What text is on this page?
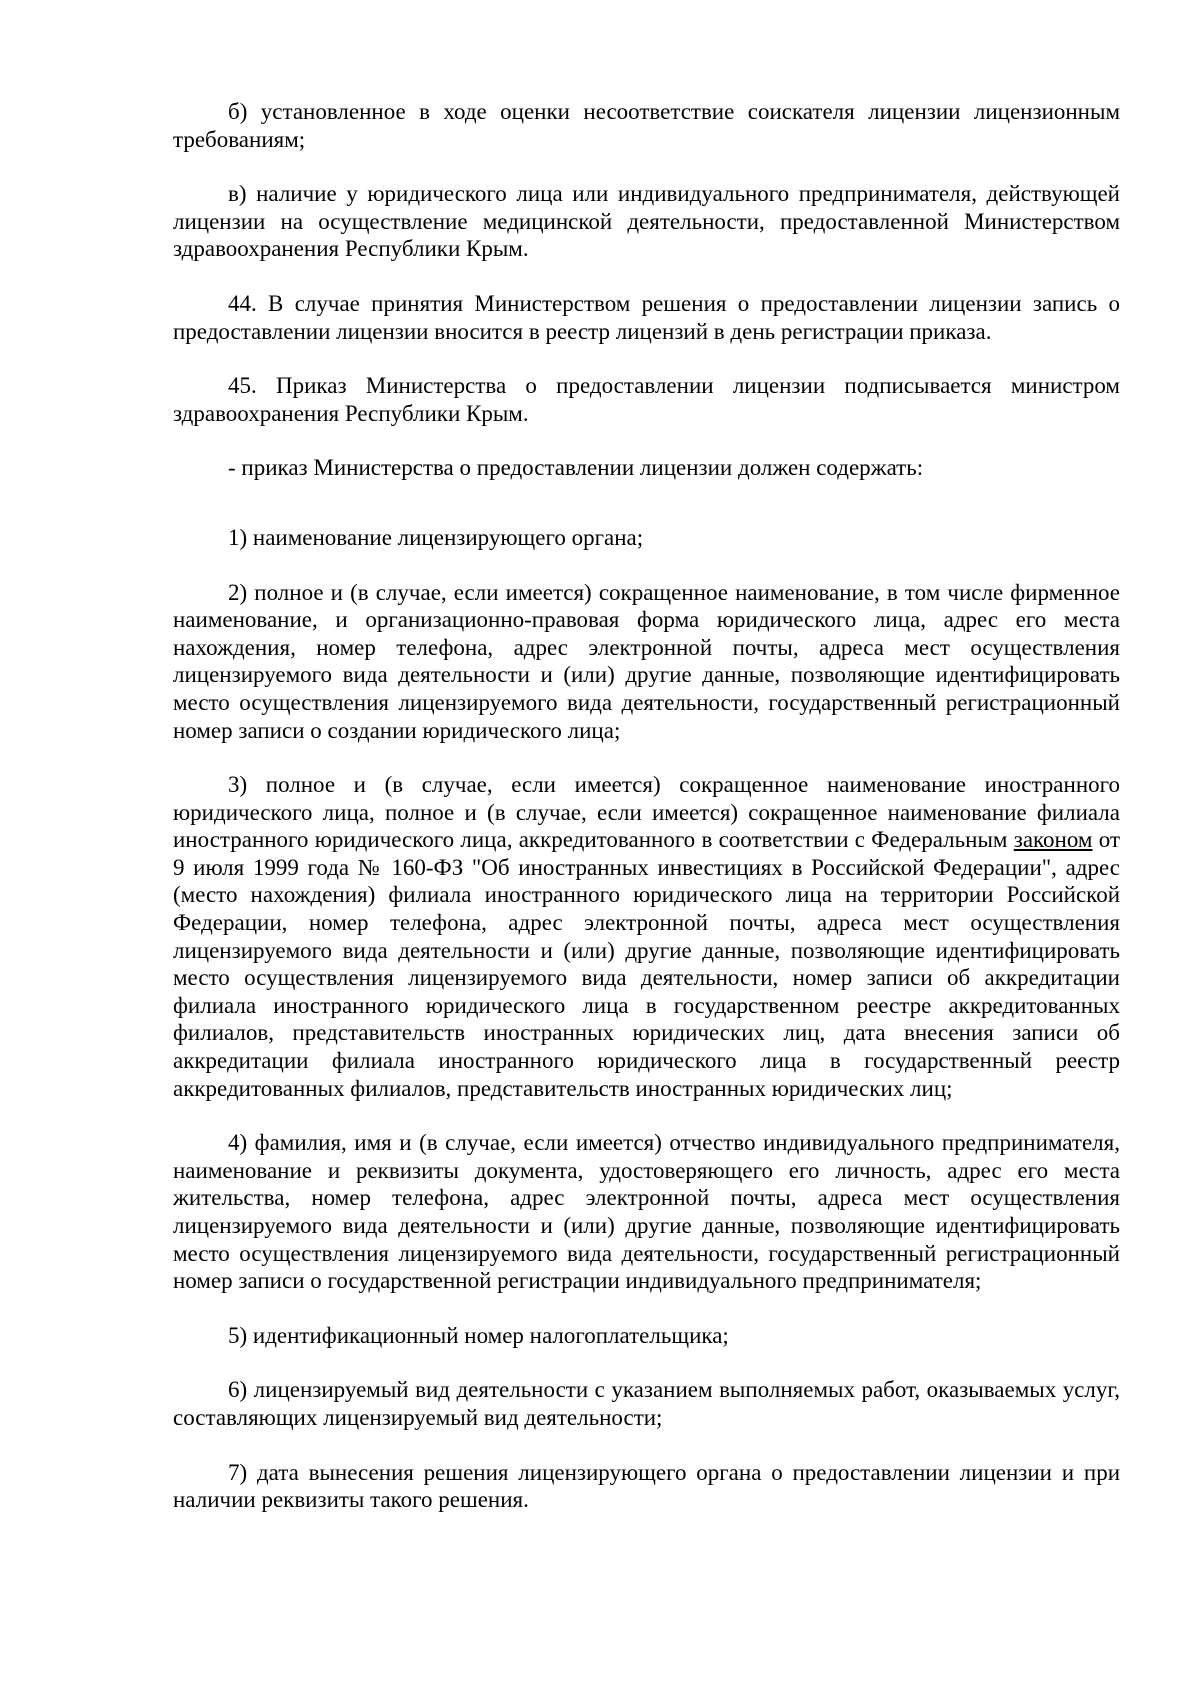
б) установленное в ходе оценки несоответствие соискателя лицензии лицензионным требованиям;

в) наличие у юридического лица или индивидуального предпринимателя, действующей лицензии на осуществление медицинской деятельности, предоставленной Министерством здравоохранения Республики Крым.

44. В случае принятия Министерством решения о предоставлении лицензии запись о предоставлении лицензии вносится в реестр лицензий в день регистрации приказа.

45. Приказ Министерства о предоставлении лицензии подписывается министром здравоохранения Республики Крым.

- приказ Министерства о предоставлении лицензии должен содержать:

1) наименование лицензирующего органа;

2) полное и (в случае, если имеется) сокращенное наименование, в том числе фирменное наименование, и организационно-правовая форма юридического лица, адрес его места нахождения, номер телефона, адрес электронной почты, адреса мест осуществления лицензируемого вида деятельности и (или) другие данные, позволяющие идентифицировать место осуществления лицензируемого вида деятельности, государственный регистрационный номер записи о создании юридического лица;

3) полное и (в случае, если имеется) сокращенное наименование иностранного юридического лица, полное и (в случае, если имеется) сокращенное наименование филиала иностранного юридического лица, аккредитованного в соответствии с Федеральным законом от 9 июля 1999 года № 160-ФЗ "Об иностранных инвестициях в Российской Федерации", адрес (место нахождения) филиала иностранного юридического лица на территории Российской Федерации, номер телефона, адрес электронной почты, адреса мест осуществления лицензируемого вида деятельности и (или) другие данные, позволяющие идентифицировать место осуществления лицензируемого вида деятельности, номер записи об аккредитации филиала иностранного юридического лица в государственном реестре аккредитованных филиалов, представительств иностранных юридических лиц, дата внесения записи об аккредитации филиала иностранного юридического лица в государственный реестр аккредитованных филиалов, представительств иностранных юридических лиц;

4) фамилия, имя и (в случае, если имеется) отчество индивидуального предпринимателя, наименование и реквизиты документа, удостоверяющего его личность, адрес его места жительства, номер телефона, адрес электронной почты, адреса мест осуществления лицензируемого вида деятельности и (или) другие данные, позволяющие идентифицировать место осуществления лицензируемого вида деятельности, государственный регистрационный номер записи о государственной регистрации индивидуального предпринимателя;

5) идентификационный номер налогоплательщика;

6) лицензируемый вид деятельности с указанием выполняемых работ, оказываемых услуг, составляющих лицензируемый вид деятельности;

7) дата вынесения решения лицензирующего органа о предоставлении лицензии и при наличии реквизиты такого решения.
